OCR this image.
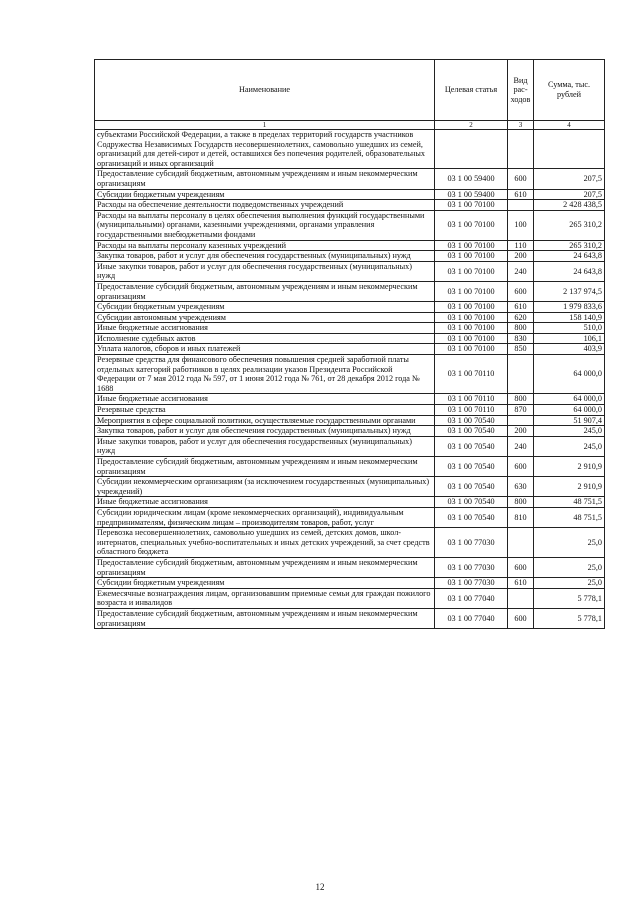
Наименование	Целевая статья	Вид рас-ходов	Сумма, тыс. рублей
1	2	3	4
субъектами Российской Федерации, а также в пределах территорий государств участников Содружества Независимых Государств несовершеннолетних, самовольно ушедших из семей, организаций для детей-сирот и детей, оставшихся без попечения родителей, образовательных организаций и иных организаций			
Предоставление субсидий бюджетным, автономным учреждениям и иным некоммерческим организациям	03 1 00 59400	600	207,5
Субсидии бюджетным учреждениям	03 1 00 59400	610	207,5
Расходы на обеспечение деятельности подведомственных учреждений	03 1 00 70100		2 428 438,5
Расходы на выплаты персоналу в целях обеспечения выполнения функций государственными (муниципальными) органами, казенными учреждениями, органами управления государственными внебюджетными фондами	03 1 00 70100	100	265 310,2
Расходы на выплаты персоналу казенных учреждений	03 1 00 70100	110	265 310,2
Закупка товаров, работ и услуг для обеспечения государственных (муниципальных) нужд	03 1 00 70100	200	24 643,8
Иные закупки товаров, работ и услуг для обеспечения государственных (муниципальных) нужд	03 1 00 70100	240	24 643,8
Предоставление субсидий бюджетным, автономным учреждениям и иным некоммерческим организациям	03 1 00 70100	600	2 137 974,5
Субсидии бюджетным учреждениям	03 1 00 70100	610	1 979 833,6
Субсидии автономным учреждениям	03 1 00 70100	620	158 140,9
Иные бюджетные ассигнования	03 1 00 70100	800	510,0
Исполнение судебных актов	03 1 00 70100	830	106,1
Уплата налогов, сборов и иных платежей	03 1 00 70100	850	403,9
Резервные средства для финансового обеспечения повышения средней заработной платы отдельных категорий работников в целях реализации указов Президента Российской Федерации от 7 мая 2012 года № 597, от 1 июня 2012 года № 761, от 28 декабря 2012 года № 1688	03 1 00 70110		64 000,0
Иные бюджетные ассигнования	03 1 00 70110	800	64 000,0
Резервные средства	03 1 00 70110	870	64 000,0
Мероприятия в сфере социальной политики, осуществляемые государственными органами	03 1 00 70540		51 907,4
Закупка товаров, работ и услуг для обеспечения государственных (муниципальных) нужд	03 1 00 70540	200	245,0
Иные закупки товаров, работ и услуг для обеспечения государственных (муниципальных) нужд	03 1 00 70540	240	245,0
Предоставление субсидий бюджетным, автономным учреждениям и иным некоммерческим организациям	03 1 00 70540	600	2 910,9
Субсидии некоммерческим организациям (за исключением государственных (муниципальных) учреждений)	03 1 00 70540	630	2 910,9
Иные бюджетные ассигнования	03 1 00 70540	800	48 751,5
Субсидии юридическим лицам (кроме некоммерческих организаций), индивидуальным предпринимателям, физическим лицам – производителям товаров, работ, услуг	03 1 00 70540	810	48 751,5
Перевозка несовершеннолетних, самовольно ушедших из семей, детских домов, школ-интернатов, специальных учебно-воспитательных и иных детских учреждений, за счет средств областного бюджета	03 1 00 77030		25,0
Предоставление субсидий бюджетным, автономным учреждениям и иным некоммерческим организациям	03 1 00 77030	600	25,0
Субсидии бюджетным учреждениям	03 1 00 77030	610	25,0
Ежемесячные вознаграждения лицам, организовавшим приемные семьи для граждан пожилого возраста и инвалидов	03 1 00 77040		5 778,1
Предоставление субсидий бюджетным, автономным учреждениям и иным некоммерческим организациям	03 1 00 77040	600	5 778,1
12
